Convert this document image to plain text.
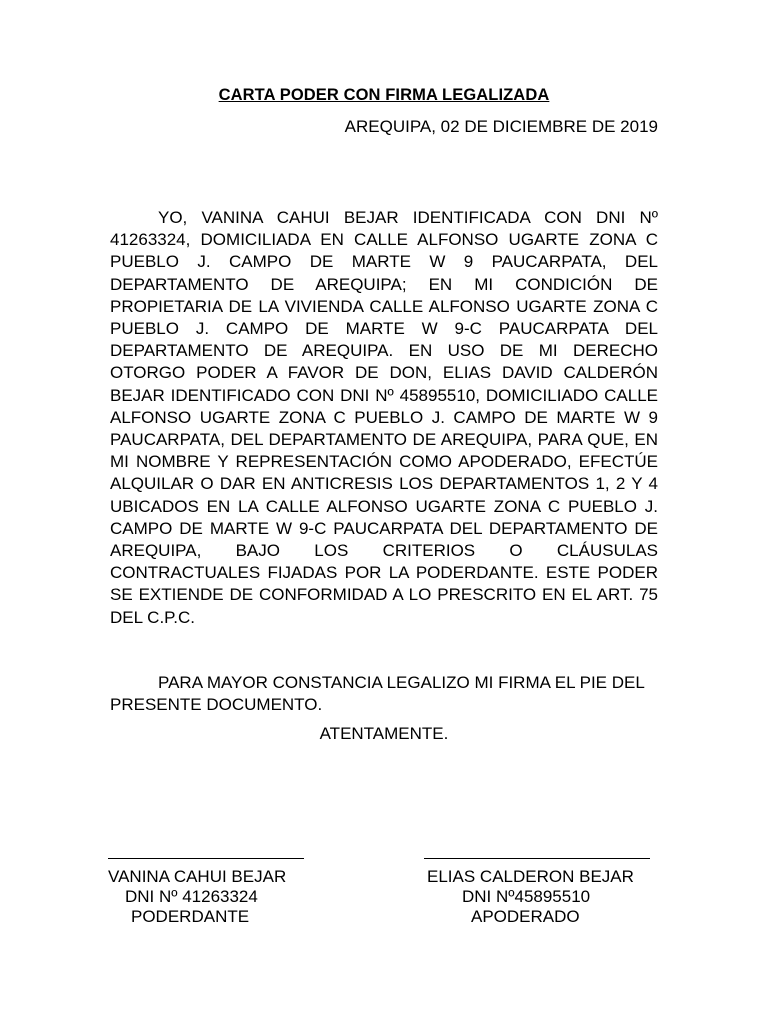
CARTA PODER CON FIRMA LEGALIZADA
AREQUIPA, 02 DE DICIEMBRE DE 2019

YO, VANINA CAHUI BEJAR IDENTIFICADA CON DNI Nº 41263324, DOMICILIADA EN CALLE ALFONSO UGARTE ZONA C PUEBLO J. CAMPO DE MARTE W 9 PAUCARPATA, DEL DEPARTAMENTO DE AREQUIPA; EN MI CONDICIÓN DE PROPIETARIA DE LA VIVIENDA CALLE ALFONSO UGARTE ZONA C PUEBLO J. CAMPO DE MARTE W 9-C PAUCARPATA DEL DEPARTAMENTO DE AREQUIPA. EN USO DE MI DERECHO OTORGO PODER A FAVOR DE DON, ELIAS DAVID CALDERÓN BEJAR IDENTIFICADO CON DNI Nº 45895510, DOMICILIADO CALLE ALFONSO UGARTE ZONA C PUEBLO J. CAMPO DE MARTE W 9 PAUCARPATA, DEL DEPARTAMENTO DE AREQUIPA, PARA QUE, EN MI NOMBRE Y REPRESENTACIÓN COMO APODERADO, EFECTÚE ALQUILAR O DAR EN ANTICRESIS LOS DEPARTAMENTOS 1, 2 Y 4 UBICADOS EN LA CALLE ALFONSO UGARTE ZONA C PUEBLO J. CAMPO DE MARTE W 9-C PAUCARPATA DEL DEPARTAMENTO DE AREQUIPA, BAJO LOS CRITERIOS O CLÁUSULAS CONTRACTUALES FIJADAS POR LA PODERDANTE. ESTE PODER SE EXTIENDE DE CONFORMIDAD A LO PRESCRITO EN EL ART. 75 DEL C.P.C.

PARA MAYOR CONSTANCIA LEGALIZO MI FIRMA EL PIE DEL PRESENTE DOCUMENTO.

ATENTAMENTE.
VANINA CAHUI BEJAR
DNI Nº 41263324
PODERDANTE
ELIAS CALDERON BEJAR
DNI Nº45895510
APODERADO
